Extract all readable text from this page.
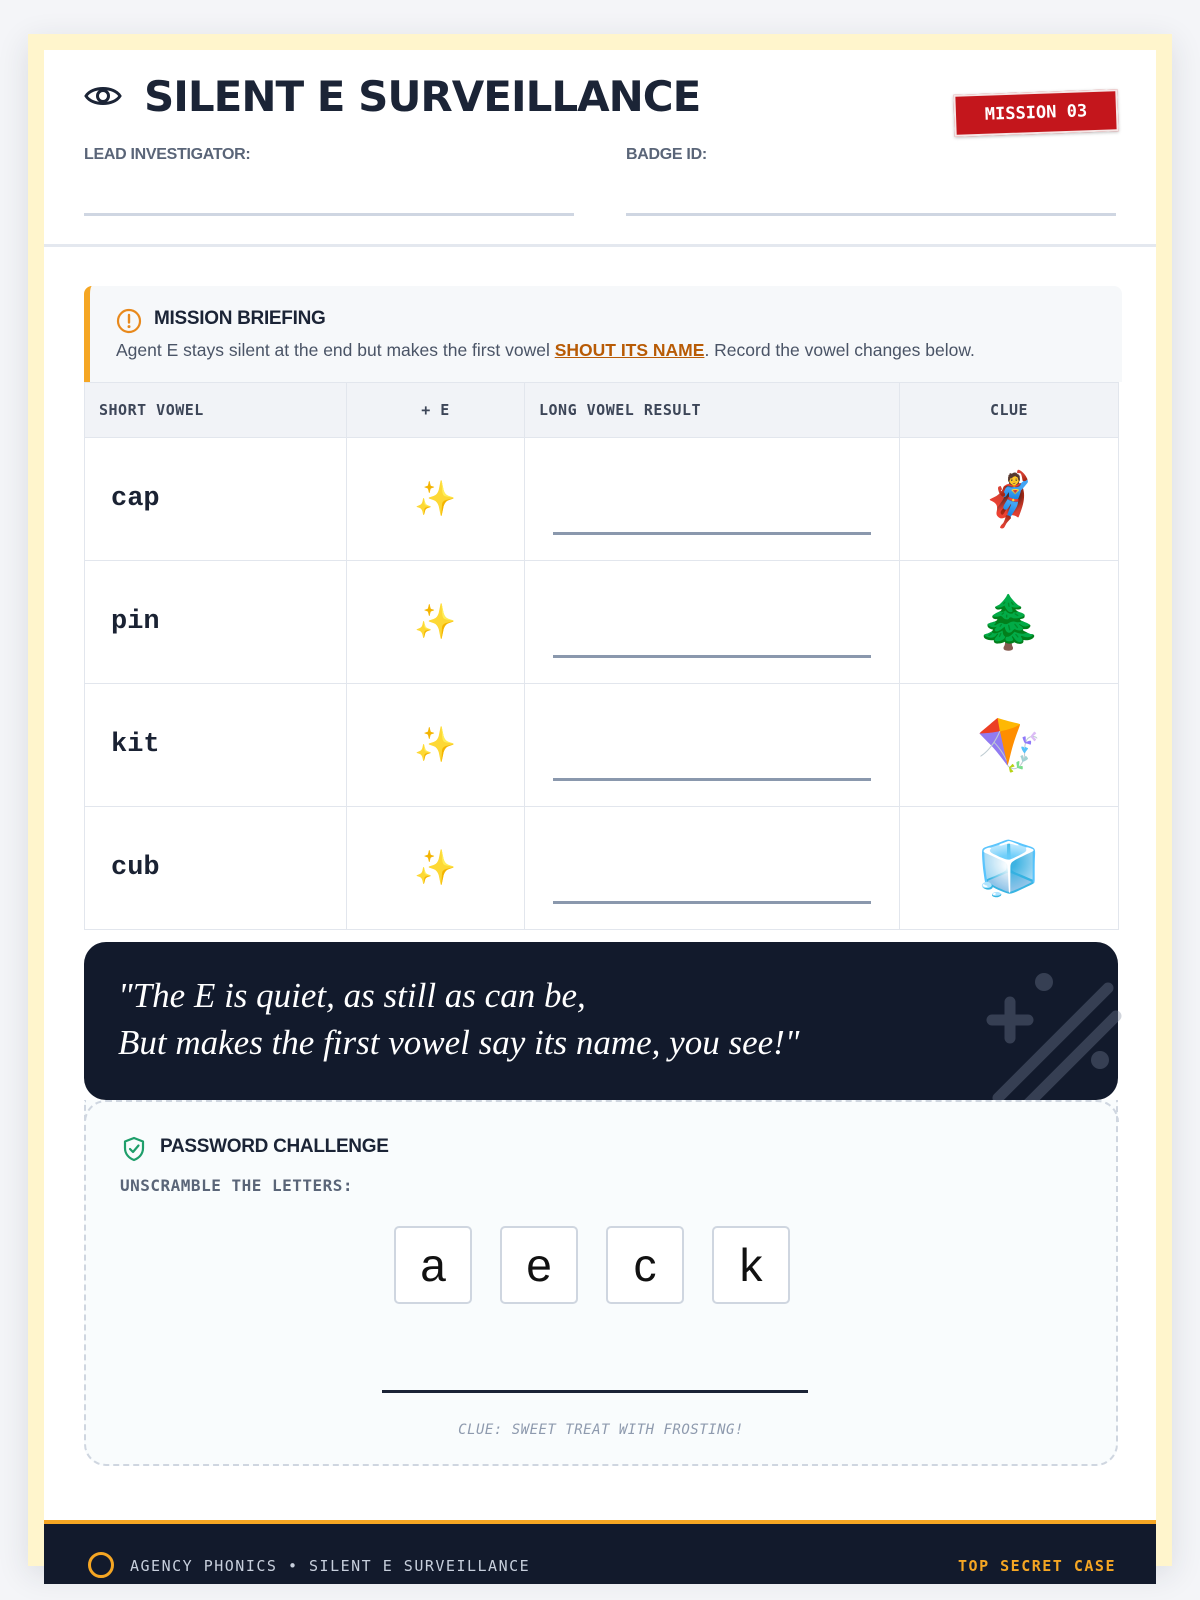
SILENT E SURVEILLANCE	MISSION 03
LEAD INVESTIGATOR:	BADGE ID:
MISSION BRIEFING
Agent E stays silent at the end but makes the first vowel SHOUT ITS NAME. Record the vowel changes below.
SHORT VOWEL	+ E	LONG VOWEL RESULT	CLUE
cap	✨		🦸
pin	✨		🌲
kit	✨		🪁
cub	✨		🧊
"The E is quiet, as still as can be,
But makes the first vowel say its name, you see!"
PASSWORD CHALLENGE
UNSCRAMBLE THE LETTERS:
a	e	c	k
CLUE: SWEET TREAT WITH FROSTING!
AGENCY PHONICS • SILENT E SURVEILLANCE	TOP SECRET CASE
